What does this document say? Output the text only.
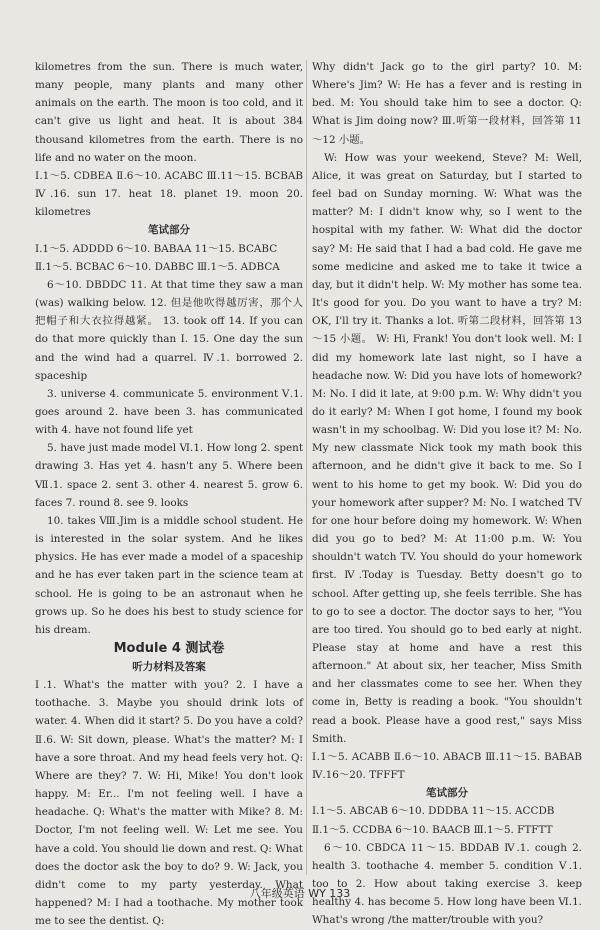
kilometres from the sun. There is much water, many people, many plants and many other animals on the earth. The moon is too cold, and it can't give us light and heat. It is about 384 thousand kilometres from the earth. There is no life and no water on the moon.

Ⅰ.1～5. CDBEA Ⅱ.6～10. ACABC Ⅲ.11～15. BCBAB Ⅳ.16. sun 17. heat 18. planet 19. moon 20. kilometres

笔试部分

Ⅰ.1～5. ADDDD 6～10. BABAA 11～15. BCABC

Ⅱ.1～5. BCBAC 6～10. DABBC Ⅲ.1～5. ADBCA

6～10. DBDDC 11. At that time they saw a man (was) walking below. 12. 但是他吹得越厉害，那个人把帽子和大衣拉得越紧。 13. took off 14. If you can do that more quickly than I. 15. One day the sun and the wind had a quarrel. Ⅳ.1. borrowed 2. spaceship

3. universe 4. communicate 5. environment Ⅴ.1. goes around 2. have been 3. has communicated with 4. have not found life yet

5. have just made model Ⅵ.1. How long 2. spent drawing 3. Has yet 4. hasn't any 5. Where been Ⅶ.1. space 2. sent 3. other 4. nearest 5. grow 6. faces 7. round 8. see 9. looks

10. takes Ⅷ.Jim is a middle school student. He is interested in the solar system. And he likes physics. He has ever made a model of a spaceship and he has ever taken part in the science team at school. He is going to be an astronaut when he grows up. So he does his best to study science for his dream.

Module 4 测试卷

听力材料及答案

Ⅰ.1. What's the matter with you? 2. I have a toothache. 3. Maybe you should drink lots of water. 4. When did it start? 5. Do you have a cold? Ⅱ.6. W: Sit down, please. What's the matter? M: I have a sore throat. And my head feels very hot. Q: Where are they? 7. W: Hi, Mike! You don't look happy. M: Er... I'm not feeling well. I have a headache. Q: What's the matter with Mike? 8. M: Doctor, I'm not feeling well. W: Let me see. You have a cold. You should lie down and rest. Q: What does the doctor ask the boy to do? 9. W: Jack, you didn't come to my party yesterday. What happened? M: I had a toothache. My mother took me to see the dentist. Q:

Why didn't Jack go to the girl party? 10. M: Where's Jim? W: He has a fever and is resting in bed. M: You should take him to see a doctor. Q: What is Jim doing now? Ⅲ.听第一段材料，回答第 11～12 小题。

W: How was your weekend, Steve? M: Well, Alice, it was great on Saturday, but I started to feel bad on Sunday morning. W: What was the matter? M: I didn't know why, so I went to the hospital with my father. W: What did the doctor say? M: He said that I had a bad cold. He gave me some medicine and asked me to take it twice a day, but it didn't help. W: My mother has some tea. It's good for you. Do you want to have a try? M: OK, I'll try it. Thanks a lot. 听第二段材料，回答第 13～15 小题。 W: Hi, Frank! You don't look well. M: I did my homework late last night, so I have a headache now. W: Did you have lots of homework? M: No. I did it late, at 9:00 p.m. W: Why didn't you do it early? M: When I got home, I found my book wasn't in my schoolbag. W: Did you lose it? M: No. My new classmate Nick took my math book this afternoon, and he didn't give it back to me. So I went to his home to get my book. W: Did you do your homework after supper? M: No. I watched TV for one hour before doing my homework. W: When did you go to bed? M: At 11:00 p.m. W: You shouldn't watch TV. You should do your homework first. Ⅳ.Today is Tuesday. Betty doesn't go to school. After getting up, she feels terrible. She has to go to see a doctor. The doctor says to her, "You are too tired. You should go to bed early at night. Please stay at home and have a rest this afternoon." At about six, her teacher, Miss Smith and her classmates come to see her. When they come in, Betty is reading a book. "You shouldn't read a book. Please have a good rest," says Miss Smith.

Ⅰ.1～5. ACABB Ⅱ.6～10. ABACB Ⅲ.11～15. BABAB Ⅳ.16～20. TFFFT

笔试部分

Ⅰ.1～5. ABCAB 6～10. DDDBA 11～15. ACCDB

Ⅱ.1～5. CCDBA 6～10. BAACB Ⅲ.1～5. FTFTT

6～10. CBDCA 11～15. BDDAB Ⅳ.1. cough 2. health 3. toothache 4. member 5. condition Ⅴ.1. too to 2. How about taking exercise 3. keep healthy 4. has become 5. How long have been Ⅵ.1. What's wrong /the matter/trouble with you?

八年级英语 WY 133
